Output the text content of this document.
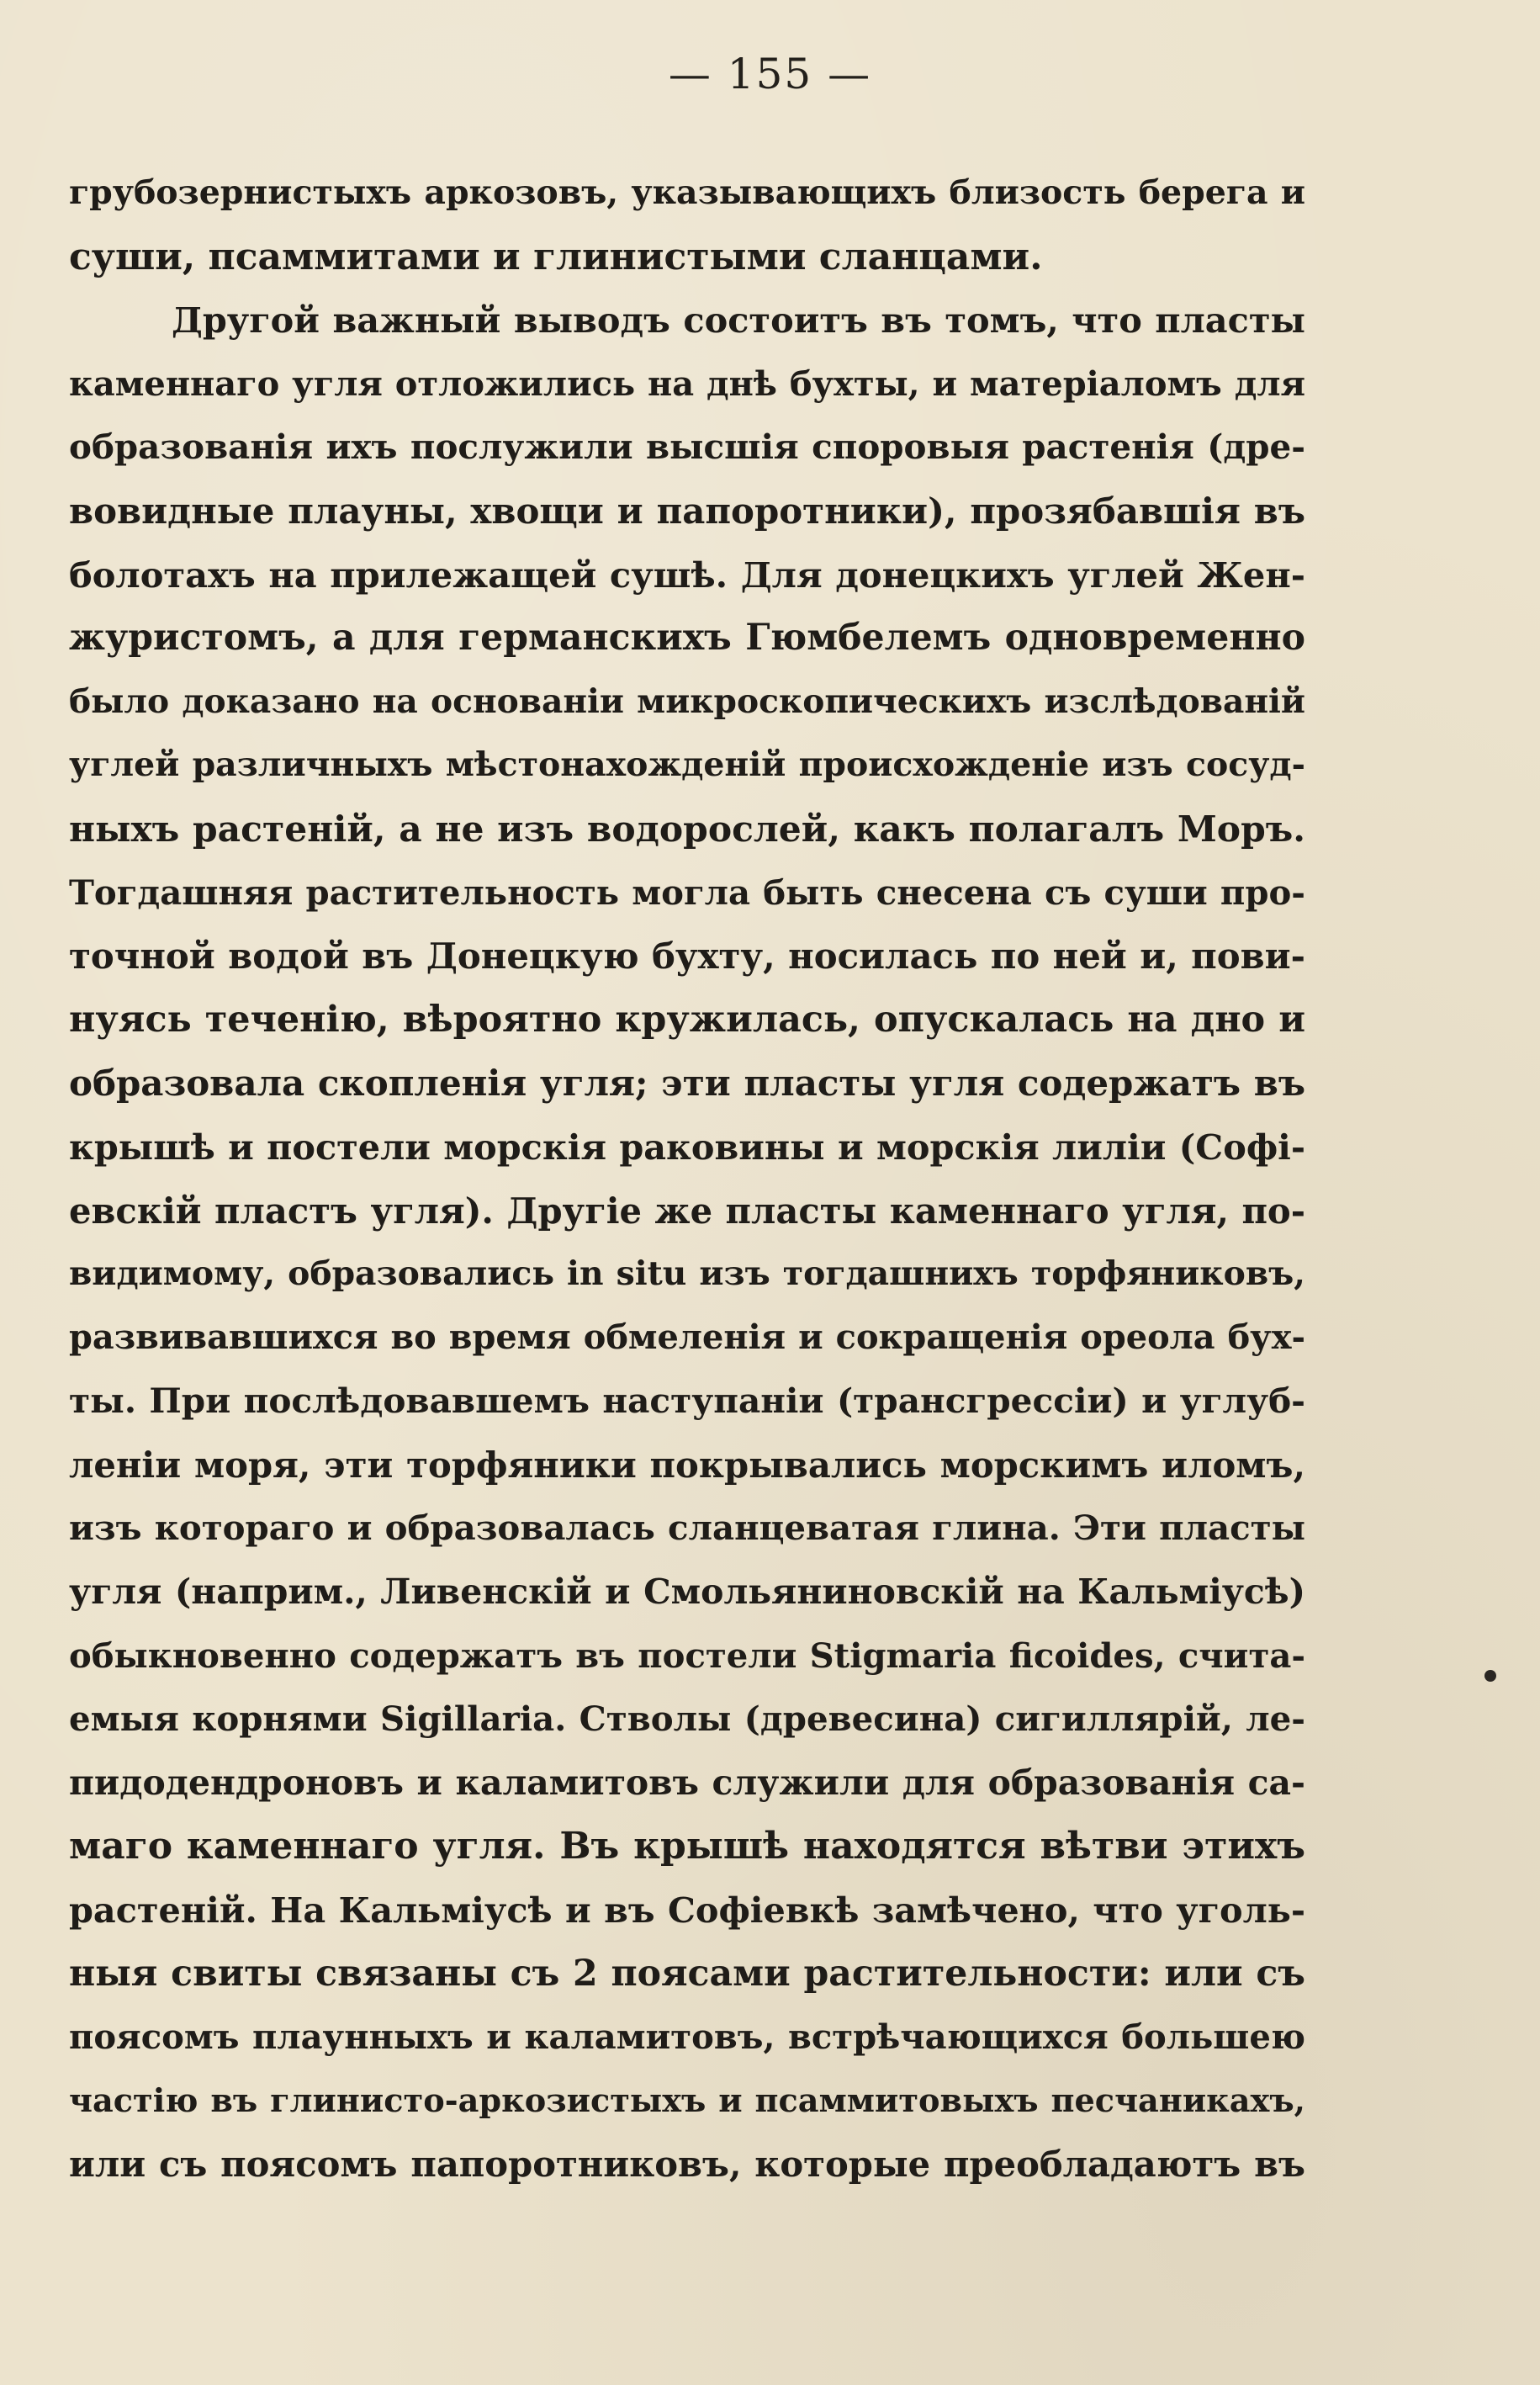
— 155 —
грубозернистыхъ аркозовъ, указывающихъ близость берега и
суши, псаммитами и глинистыми сланцами.
Другой важный выводъ состоитъ въ томъ, что пласты
каменнаго угля отложились на днѣ бухты, и матеріаломъ для
образованія ихъ послужили высшія споровыя растенія (дре-
вовидные плауны, хвощи и папоротники), прозябавшія въ
болотахъ на прилежащей сушѣ. Для донецкихъ углей Жен-
журистомъ, а для германскихъ Гюмбелемъ одновременно
было доказано на основаніи микроскопическихъ изслѣдованій
углей различныхъ мѣстонахожденій происхожденіе изъ сосуд-
ныхъ растеній, а не изъ водорослей, какъ полагалъ Моръ.
Тогдашняя растительность могла быть снесена съ суши про-
точной водой въ Донецкую бухту, носилась по ней и, пови-
нуясь теченію, вѣроятно кружилась, опускалась на дно и
образовала скопленія угля; эти пласты угля содержатъ въ
крышѣ и постели морскія раковины и морскія лиліи (Софі-
евскій пластъ угля). Другіе же пласты каменнаго угля, по-
видимому, образовались in situ изъ тогдашнихъ торфяниковъ,
развивавшихся во время обмеленія и сокращенія ореола бух-
ты. При послѣдовавшемъ наступаніи (трансгрессіи) и углуб-
леніи моря, эти торфяники покрывались морскимъ иломъ,
изъ котораго и образовалась сланцеватая глина. Эти пласты
угля (наприм., Ливенскій и Смольяниновскій на Кальміусѣ)
обыкновенно содержатъ въ постели Stigmaria ficoides, счита-
емыя корнями Sigillaria. Стволы (древесина) сигиллярій, ле-
пидодендроновъ и каламитовъ служили для образованія са-
маго каменнаго угля. Въ крышѣ находятся вѣтви этихъ
растеній. На Кальміусѣ и въ Софіевкѣ замѣчено, что уголь-
ныя свиты связаны съ 2 поясами растительности: или съ
поясомъ плаунныхъ и каламитовъ, встрѣчающихся большею
частію въ глинисто-аркозистыхъ и псаммитовыхъ песчаникахъ,
или съ поясомъ папоротниковъ, которые преобладаютъ въ
